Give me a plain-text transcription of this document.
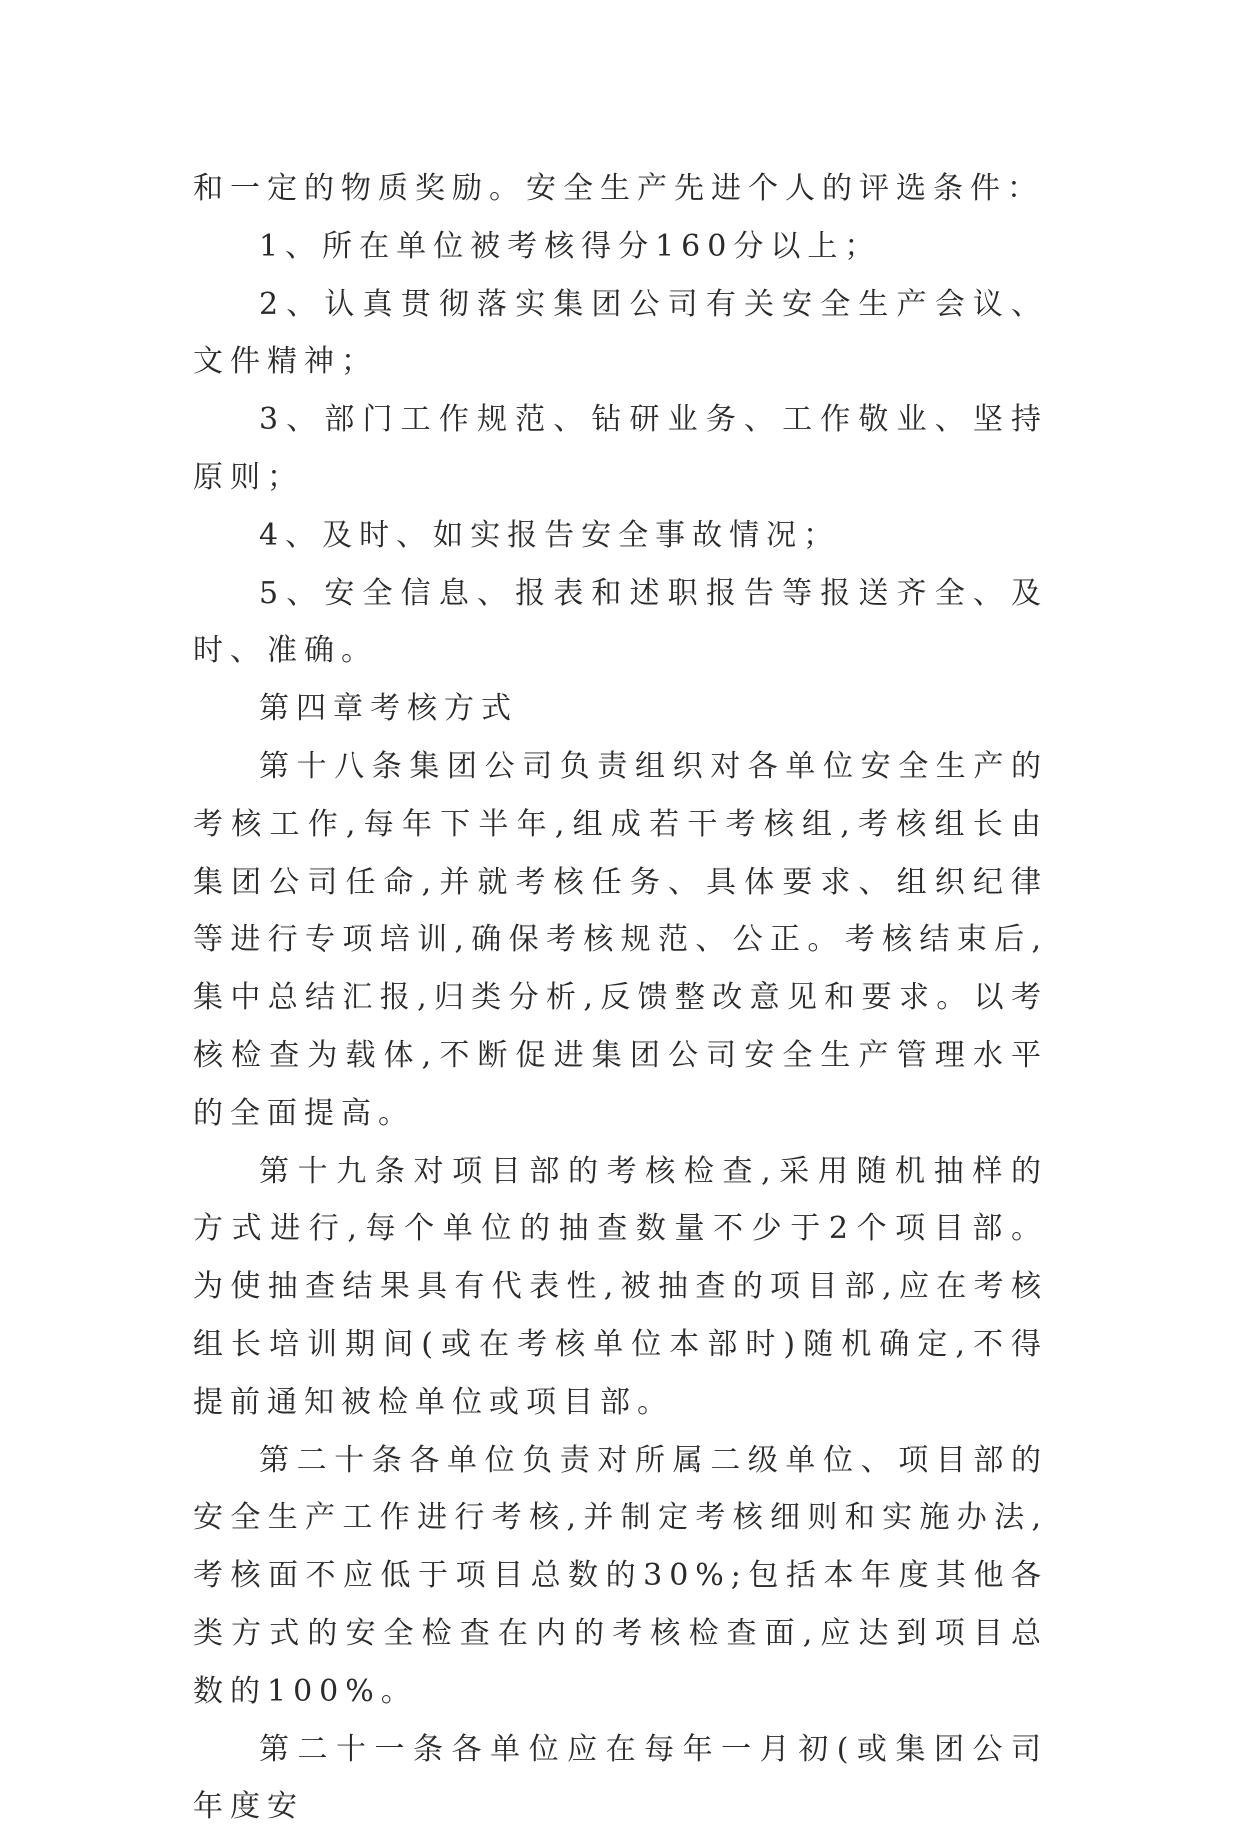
和一定的物质奖励。安全生产先进个人的评选条件：

1、所在单位被考核得分160分以上；

2、认真贯彻落实集团公司有关安全生产会议、文件精神；

3、部门工作规范、钻研业务、工作敬业、坚持原则；

4、及时、如实报告安全事故情况；

5、安全信息、报表和述职报告等报送齐全、及时、准确。

第四章考核方式

第十八条集团公司负责组织对各单位安全生产的考核工作,每年下半年,组成若干考核组,考核组长由集团公司任命,并就考核任务、具体要求、组织纪律等进行专项培训,确保考核规范、公正。考核结束后,集中总结汇报,归类分析,反馈整改意见和要求。以考核检查为载体,不断促进集团公司安全生产管理水平的全面提高。

第十九条对项目部的考核检查,采用随机抽样的方式进行,每个单位的抽查数量不少于2个项目部。为使抽查结果具有代表性,被抽查的项目部,应在考核组长培训期间(或在考核单位本部时)随机确定,不得提前通知被检单位或项目部。

第二十条各单位负责对所属二级单位、项目部的安全生产工作进行考核,并制定考核细则和实施办法,考核面不应低于项目总数的30%;包括本年度其他各类方式的安全检查在内的考核检查面,应达到项目总数的100%。

第二十一条各单位应在每年一月初(或集团公司年度安
